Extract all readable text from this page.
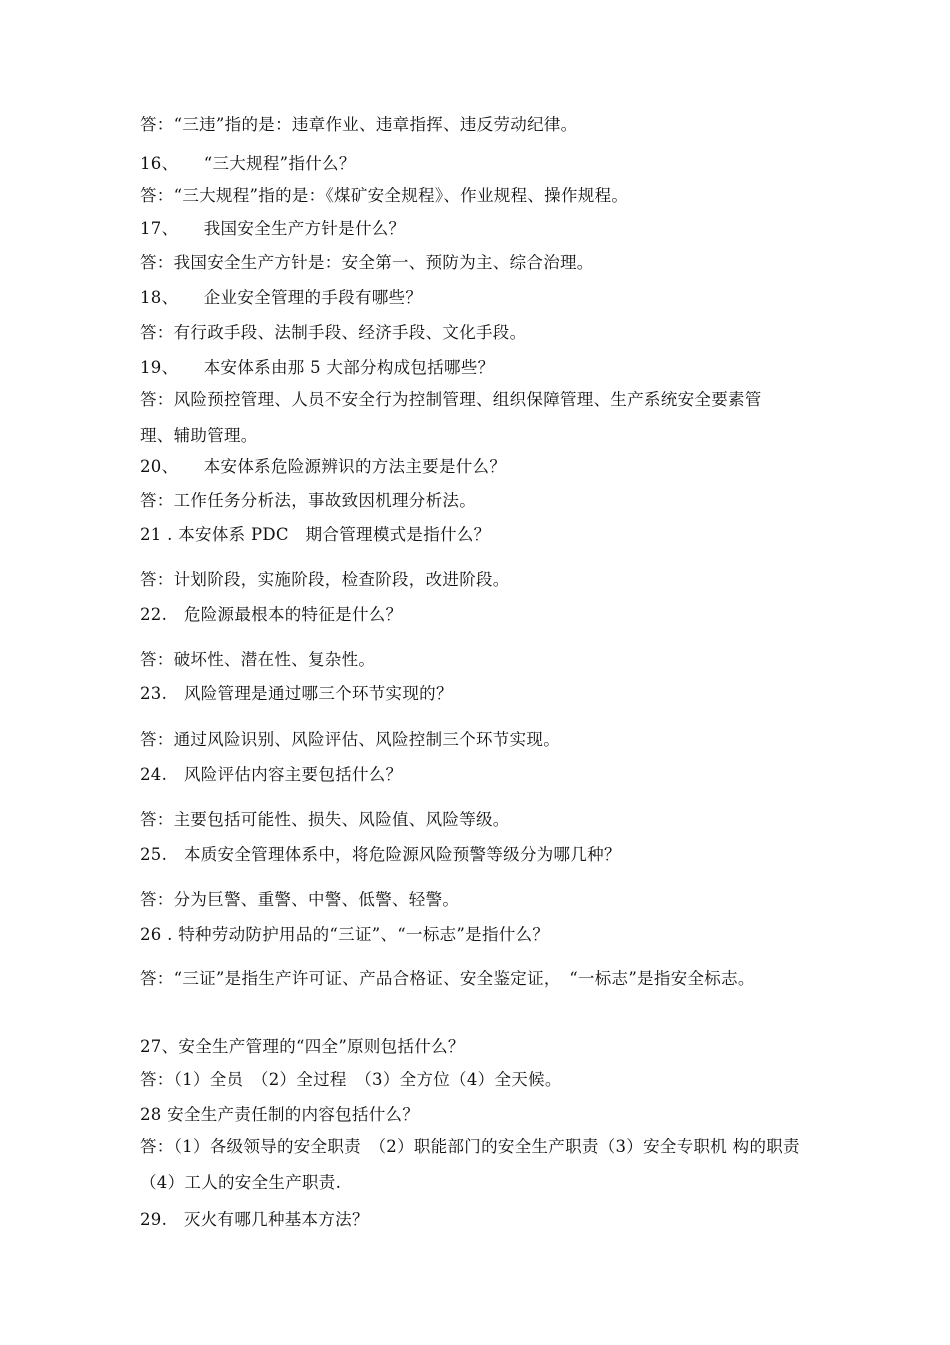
答：“三违”指的是：违章作业、违章指挥、违反劳动纪律。
16、　　“三大规程”指什么？
答：“三大规程”指的是：《煤矿安全规程》、作业规程、操作规程。
17、　　我国安全生产方针是什么？
答：我国安全生产方针是：安全第一、预防为主、综合治理。
18、　　企业安全管理的手段有哪些？
答：有行政手段、法制手段、经济手段、文化手段。
19、　　本安体系由那 5 大部分构成包括哪些？
答：风险预控管理、人员不安全行为控制管理、组织保障管理、生产系统安全要素管理、辅助管理。
20、　　本安体系危险源辨识的方法主要是什么？
答：工作任务分析法，事故致因机理分析法。
21 . 本安体系 PDC　期合管理模式是指什么？
答：计划阶段，实施阶段，检查阶段，改进阶段。
22.　危险源最根本的特征是什么？
答：破坏性、潜在性、复杂性。
23.　风险管理是通过哪三个环节实现的？
答：通过风险识别、风险评估、风险控制三个环节实现。
24.　风险评估内容主要包括什么？
答：主要包括可能性、损失、风险值、风险等级。
25.　本质安全管理体系中，将危险源风险预警等级分为哪几种？
答：分为巨警、重警、中警、低警、轻警。
26 . 特种劳动防护用品的“三证”、“一标志”是指什么？
答：“三证”是指生产许可证、产品合格证、安全鉴定证，　“一标志”是指安全标志。
27、安全生产管理的“四全”原则包括什么？
答：（1）全员　（2）全过程　（3）全方位（4）全天候。
28 安全生产责任制的内容包括什么？
答：（1）各级领导的安全职责　（2）职能部门的安全生产职责（3）安全专职机 构的职责　（4）工人的安全生产职责.
29.　灭火有哪几种基本方法？
